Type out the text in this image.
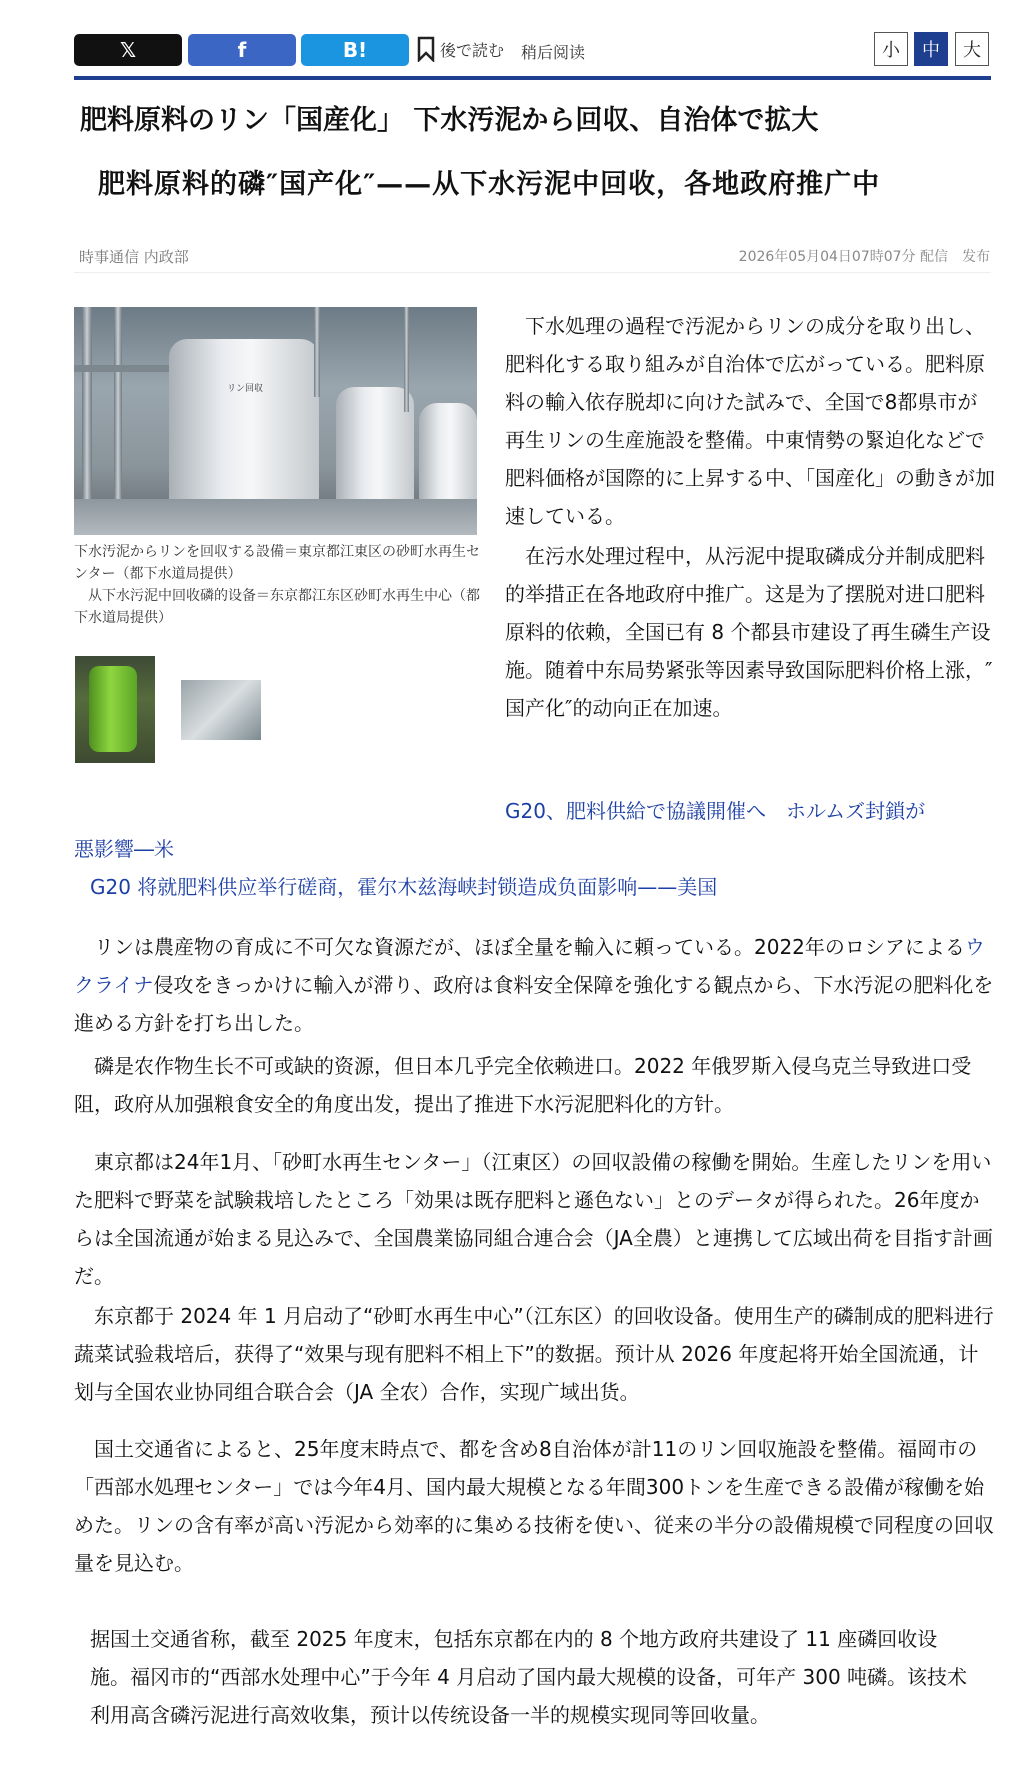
𝕏	f	B!	後で読む 稍后阅读	小	中	大
肥料原料のリン「国産化」 下水汚泥から回収、自治体で拡大
肥料原料的磷″国产化″——从下水污泥中回收，各地政府推广中
時事通信 内政部	2026年05月04日07時07分 配信　发布
リン回収
下水汚泥からリンを回収する設備＝東京都江東区の砂町水再生センター（都下水道局提供）
　从下水污泥中回收磷的设备＝东京都江东区砂町水再生中心（都下水道局提供）
　下水処理の過程で汚泥からリンの成分を取り出し、肥料化する取り組みが自治体で広がっている。肥料原料の輸入依存脱却に向けた試みで、全国で8都県市が再生リンの生産施設を整備。中東情勢の緊迫化などで肥料価格が国際的に上昇する中、「国産化」の動きが加速している。
　在污水处理过程中，从污泥中提取磷成分并制成肥料的举措正在各地政府中推广。这是为了摆脱对进口肥料原料的依赖，全国已有 8 个都县市建设了再生磷生产设施。随着中东局势紧张等因素导致国际肥料价格上涨，″国产化″的动向正在加速。
G20、肥料供給で協議開催へ　ホルムズ封鎖が
悪影響―米
G20 将就肥料供应举行磋商，霍尔木兹海峡封锁造成负面影响——美国
　リンは農産物の育成に不可欠な資源だが、ほぼ全量を輸入に頼っている。2022年のロシアによるウクライナ侵攻をきっかけに輸入が滞り、政府は食料安全保障を強化する観点から、下水汚泥の肥料化を進める方針を打ち出した。
　磷是农作物生长不可或缺的资源，但日本几乎完全依赖进口。2022 年俄罗斯入侵乌克兰导致进口受阻，政府从加强粮食安全的角度出发，提出了推进下水污泥肥料化的方针。
　東京都は24年1月、「砂町水再生センター」（江東区）の回収設備の稼働を開始。生産したリンを用いた肥料で野菜を試験栽培したところ「効果は既存肥料と遜色ない」とのデータが得られた。26年度からは全国流通が始まる見込みで、全国農業協同組合連合会（JA全農）と連携して広域出荷を目指す計画だ。
　东京都于 2024 年 1 月启动了“砂町水再生中心”（江东区）的回收设备。使用生产的磷制成的肥料进行蔬菜试验栽培后，获得了“效果与现有肥料不相上下”的数据。预计从 2026 年度起将开始全国流通，计划与全国农业协同组合联合会（JA 全农）合作，实现广域出货。
　国土交通省によると、25年度末時点で、都を含め8自治体が計11のリン回収施設を整備。福岡市の「西部水処理センター」では今年4月、国内最大規模となる年間300トンを生産できる設備が稼働を始めた。リンの含有率が高い汚泥から効率的に集める技術を使い、従来の半分の設備規模で同程度の回収量を見込む。
据国土交通省称，截至 2025 年度末，包括东京都在内的 8 个地方政府共建设了 11 座磷回收设施。福冈市的“西部水处理中心”于今年 4 月启动了国内最大规模的设备，可年产 300 吨磷。该技术利用高含磷污泥进行高效收集，预计以传统设备一半的规模实现同等回收量。
